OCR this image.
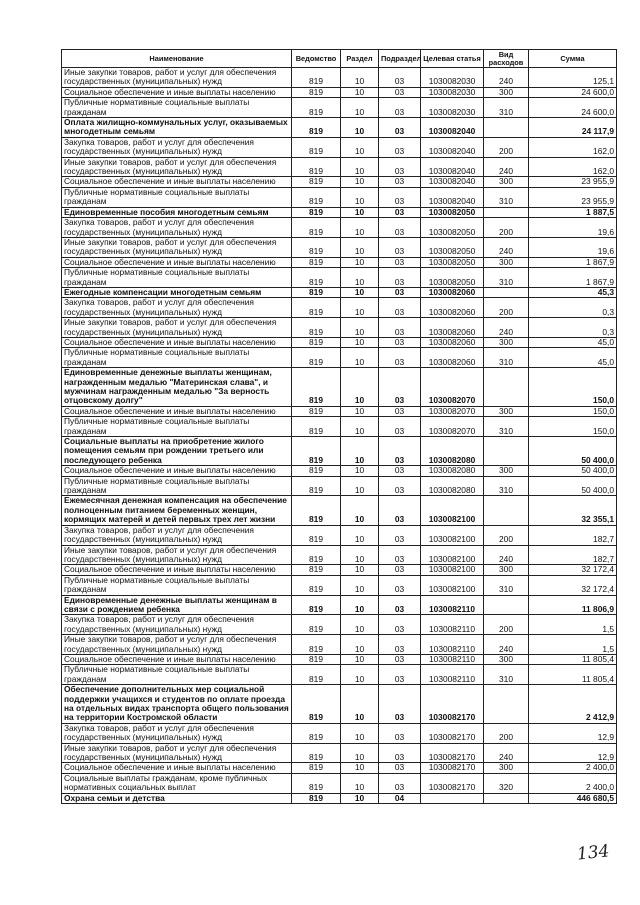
Наименование	Ведомство	Раздел	Подраздел	Целевая статья	Вид расходов	Сумма
Иные закупки товаров, работ и услуг для обеспечения государственных (муниципальных) нужд	819	10	03	1030082030	240	125,1
Социальное обеспечение и иные выплаты населению	819	10	03	1030082030	300	24 600,0
Публичные нормативные социальные выплаты гражданам	819	10	03	1030082030	310	24 600,0
Оплата жилищно-коммунальных услуг, оказываемых многодетным семьям	819	10	03	1030082040		24 117,9
Закупка товаров, работ и услуг для обеспечения государственных (муниципальных) нужд	819	10	03	1030082040	200	162,0
Иные закупки товаров, работ и услуг для обеспечения государственных (муниципальных) нужд	819	10	03	1030082040	240	162,0
Социальное обеспечение и иные выплаты населению	819	10	03	1030082040	300	23 955,9
Публичные нормативные социальные выплаты гражданам	819	10	03	1030082040	310	23 955,9
Единовременные пособия многодетным семьям	819	10	03	1030082050		1 887,5
Закупка товаров, работ и услуг для обеспечения государственных (муниципальных) нужд	819	10	03	1030082050	200	19,6
Иные закупки товаров, работ и услуг для обеспечения государственных (муниципальных) нужд	819	10	03	1030082050	240	19,6
Социальное обеспечение и иные выплаты населению	819	10	03	1030082050	300	1 867,9
Публичные нормативные социальные выплаты гражданам	819	10	03	1030082050	310	1 867,9
Ежегодные компенсации многодетным семьям	819	10	03	1030082060		45,3
Закупка товаров, работ и услуг для обеспечения государственных (муниципальных) нужд	819	10	03	1030082060	200	0,3
Иные закупки товаров, работ и услуг для обеспечения государственных (муниципальных) нужд	819	10	03	1030082060	240	0,3
Социальное обеспечение и иные выплаты населению	819	10	03	1030082060	300	45,0
Публичные нормативные социальные выплаты гражданам	819	10	03	1030082060	310	45,0
Единовременные денежные выплаты женщинам, награжденным медалью "Материнская слава", и мужчинам награжденным медалью "За верность отцовскому долгу"	819	10	03	1030082070		150,0
Социальное обеспечение и иные выплаты населению	819	10	03	1030082070	300	150,0
Публичные нормативные социальные выплаты гражданам	819	10	03	1030082070	310	150,0
Социальные выплаты на приобретение жилого помещения семьям при рождении третьего или последующего ребенка	819	10	03	1030082080		50 400,0
Социальное обеспечение и иные выплаты населению	819	10	03	1030082080	300	50 400,0
Публичные нормативные социальные выплаты гражданам	819	10	03	1030082080	310	50 400,0
Ежемесячная денежная компенсация на обеспечение полноценным питанием беременных женщин, кормящих матерей и детей первых трех лет жизни	819	10	03	1030082100		32 355,1
Закупка товаров, работ и услуг для обеспечения государственных (муниципальных) нужд	819	10	03	1030082100	200	182,7
Иные закупки товаров, работ и услуг для обеспечения государственных (муниципальных) нужд	819	10	03	1030082100	240	182,7
Социальное обеспечение и иные выплаты населению	819	10	03	1030082100	300	32 172,4
Публичные нормативные социальные выплаты гражданам	819	10	03	1030082100	310	32 172,4
Единовременные денежные выплаты женщинам в связи с рождением ребенка	819	10	03	1030082110		11 806,9
Закупка товаров, работ и услуг для обеспечения государственных (муниципальных) нужд	819	10	03	1030082110	200	1,5
Иные закупки товаров, работ и услуг для обеспечения государственных (муниципальных) нужд	819	10	03	1030082110	240	1,5
Социальное обеспечение и иные выплаты населению	819	10	03	1030082110	300	11 805,4
Публичные нормативные социальные выплаты гражданам	819	10	03	1030082110	310	11 805,4
Обеспечение дополнительных мер социальной поддержки учащихся и студентов по оплате проезда на отдельных видах транспорта общего пользования на территории Костромской области	819	10	03	1030082170		2 412,9
Закупка товаров, работ и услуг для обеспечения государственных (муниципальных) нужд	819	10	03	1030082170	200	12,9
Иные закупки товаров, работ и услуг для обеспечения государственных (муниципальных) нужд	819	10	03	1030082170	240	12,9
Социальное обеспечение и иные выплаты населению	819	10	03	1030082170	300	2 400,0
Социальные выплаты гражданам, кроме публичных нормативных социальных выплат	819	10	03	1030082170	320	2 400,0
Охрана семьи и детства	819	10	04			446 680,5
134
